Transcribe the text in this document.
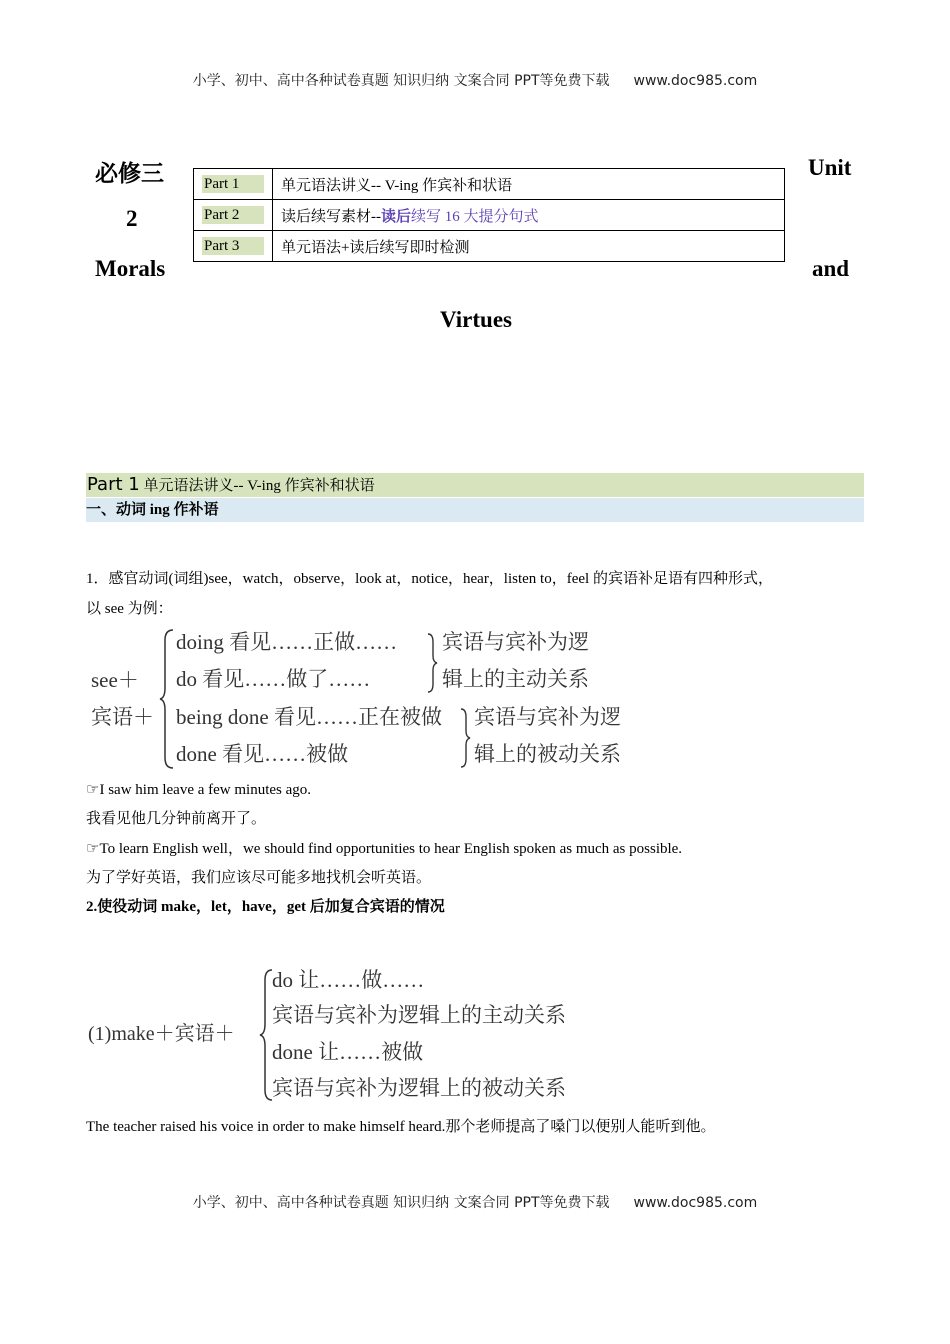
小学、初中、高中各种试卷真题 知识归纳 文案合同 PPT等免费下载 www.doc985.com
必修三
2
Morals
Unit
and
Virtues
Part 1	单元语法讲义-- V-ing 作宾补和状语

Part 2	读后续写素材--读后续写 16 大提分句式

Part 3	单元语法+读后续写即时检测
Part 1 单元语法讲义-- V-ing 作宾补和状语
一、动词 ing 作补语
1．感官动词(词组)see，watch，observe，look at，notice，hear，listen to，feel 的宾语补足语有四种形式，
以 see 为例：
see＋
宾语＋
doing 看见……正做……
do 看见……做了……
being done 看见……正在被做
done 看见……被做
宾语与宾补为逻
辑上的主动关系
宾语与宾补为逻
辑上的被动关系
☞I saw him leave a few minutes ago.
我看见他几分钟前离开了。
☞To learn English well，we should find opportunities to hear English spoken as much as possible.
为了学好英语，我们应该尽可能多地找机会听英语。
2.使役动词 make，let，have，get 后加复合宾语的情况
(1)make＋宾语＋
do 让……做……
宾语与宾补为逻辑上的主动关系
done 让……被做
宾语与宾补为逻辑上的被动关系
The teacher raised his voice in order to make himself heard.那个老师提高了嗓门以便别人能听到他。
小学、初中、高中各种试卷真题 知识归纳 文案合同 PPT等免费下载 www.doc985.com
